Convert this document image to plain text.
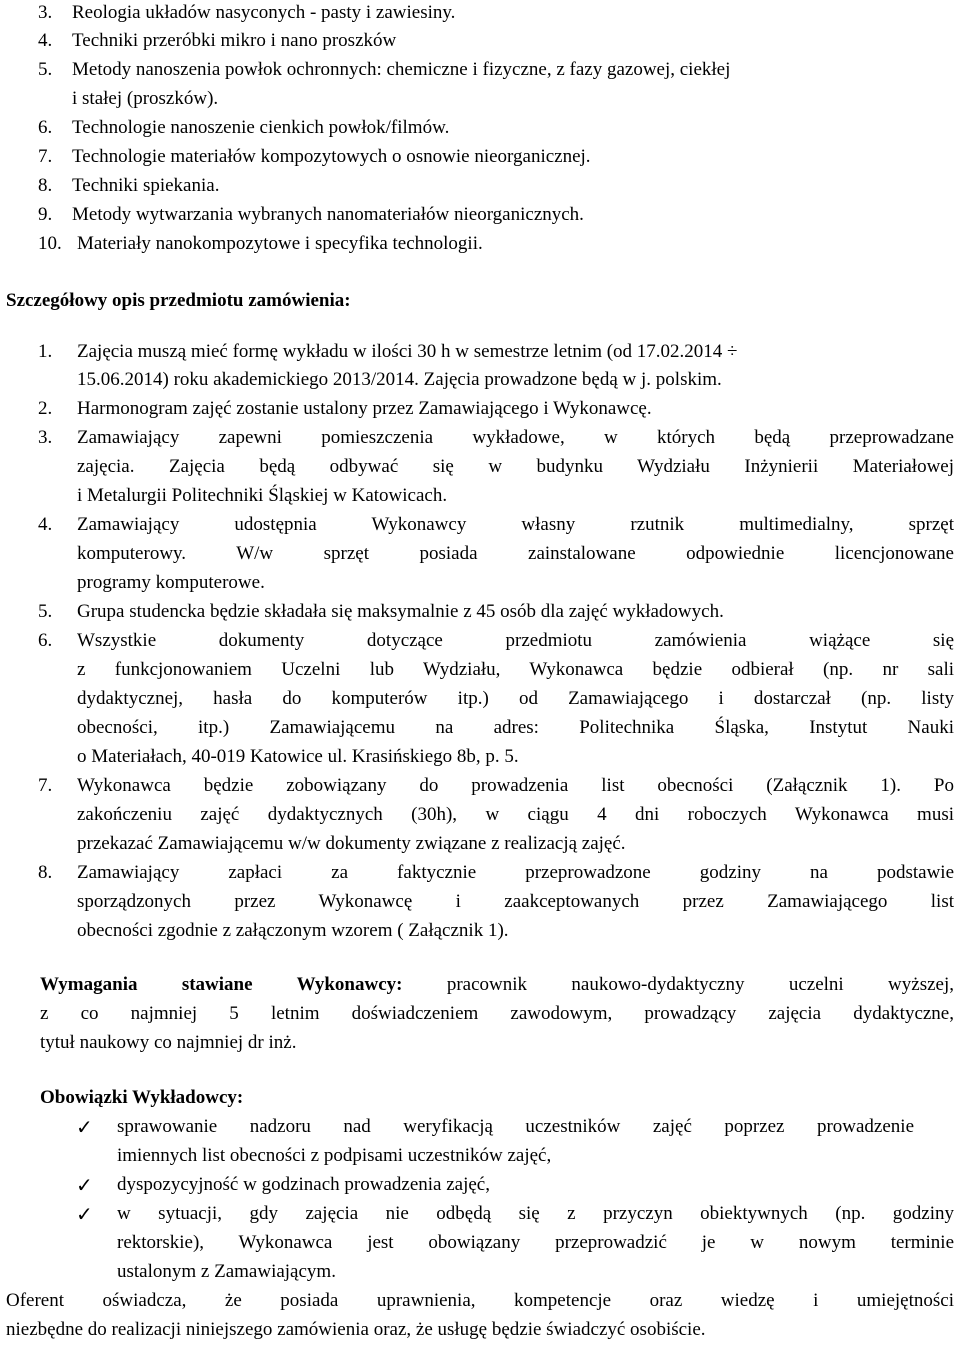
3. Reologia układów nasyconych - pasty i zawiesiny.
4. Techniki przeróbki mikro i nano proszków
5. Metody nanoszenia powłok ochronnych: chemiczne i fizyczne, z fazy gazowej, ciekłej
i stałej (proszków).
6. Technologie nanoszenie cienkich powłok/filmów.
7. Technologie materiałów kompozytowych o osnowie nieorganicznej.
8. Techniki spiekania.
9. Metody wytwarzania wybranych nanomateriałów nieorganicznych.
10. Materiały nanokompozytowe i specyfika technologii.
Szczegółowy opis przedmiotu zamówienia:
1. Zajęcia muszą mieć formę wykładu w ilości 30 h w semestrze letnim (od 17.02.2014 ÷
15.06.2014) roku akademickiego 2013/2014. Zajęcia prowadzone będą w j. polskim.
2. Harmonogram zajęć zostanie ustalony przez Zamawiającego i Wykonawcę.
3. Zamawiający zapewni pomieszczenia wykładowe, w których będą przeprowadzane
zajęcia. Zajęcia będą odbywać się w budynku Wydziału Inżynierii Materiałowej
i Metalurgii Politechniki Śląskiej w Katowicach.
4. Zamawiający udostępnia Wykonawcy własny rzutnik multimedialny, sprzęt
komputerowy. W/w sprzęt posiada zainstalowane odpowiednie licencjonowane
programy komputerowe.
5. Grupa studencka będzie składała się maksymalnie z 45 osób dla zajęć wykładowych.
6. Wszystkie dokumenty dotyczące przedmiotu zamówienia wiążące się
z funkcjonowaniem Uczelni lub Wydziału, Wykonawca będzie odbierał (np. nr sali
dydaktycznej, hasła do komputerów itp.) od Zamawiającego i dostarczał (np. listy
obecności, itp.) Zamawiającemu na adres: Politechnika Śląska, Instytut Nauki
o Materiałach, 40-019 Katowice ul. Krasińskiego 8b, p. 5.
7. Wykonawca będzie zobowiązany do prowadzenia list obecności (Załącznik 1). Po
zakończeniu zajęć dydaktycznych (30h), w ciągu 4 dni roboczych Wykonawca musi
przekazać Zamawiającemu w/w dokumenty związane z realizacją zajęć.
8. Zamawiający zapłaci za faktycznie przeprowadzone godziny na podstawie
sporządzonych przez Wykonawcę i zaakceptowanych przez Zamawiającego list
obecności zgodnie z załączonym wzorem ( Załącznik 1).
Wymagania stawiane Wykonawcy: pracownik naukowo-dydaktyczny uczelni wyższej,
z co najmniej 5 letnim doświadczeniem zawodowym, prowadzący zajęcia dydaktyczne,
tytuł naukowy co najmniej dr inż.
Obowiązki Wykładowcy:
✓ sprawowanie nadzoru nad weryfikacją uczestników zajęć poprzez prowadzenie
imiennych list obecności z podpisami uczestników zajęć,
✓ dyspozycyjność w godzinach prowadzenia zajęć,
✓ w sytuacji, gdy zajęcia nie odbędą się z przyczyn obiektywnych (np. godziny
rektorskie), Wykonawca jest obowiązany przeprowadzić je w nowym terminie
ustalonym z Zamawiającym.
Oferent oświadcza, że posiada uprawnienia, kompetencje oraz wiedzę i umiejętności
niezbędne do realizacji niniejszego zamówienia oraz, że usługę będzie świadczyć osobiście.
